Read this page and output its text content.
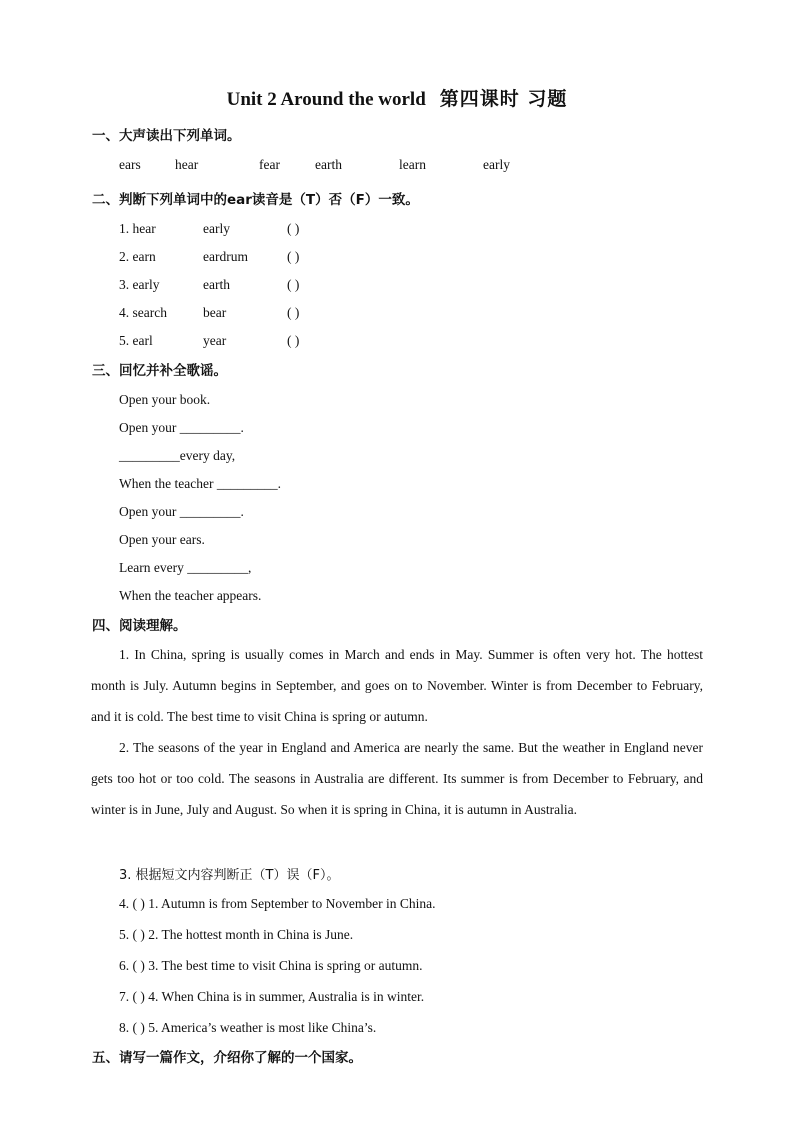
Unit 2 Around the world 第四课时 习题
一、大声读出下列单词。
ears	hear	fear	earth	learn	early
二、判断下列单词中的ear读音是（T）否（F）一致。
1. hear	early	( )
2. earn	eardrum	( )
3. early	earth	( )
4. search	bear	( )
5. earl	year	( )
三、回忆并补全歌谣。
Open your book.
Open your _________.
_________every day,
When the teacher _________.
Open your _________.
Open your ears.
Learn every _________,
When the teacher appears.
四、阅读理解。
1. In China, spring is usually comes in March and ends in May. Summer is often very hot. The hottest month is July. Autumn begins in September, and goes on to November. Winter is from December to February, and it is cold. The best time to visit China is spring or autumn.
2. The seasons of the year in England and America are nearly the same. But the weather in England never gets too hot or too cold. The seasons in Australia are different. Its summer is from December to February, and winter is in June, July and August. So when it is spring in China, it is autumn in Australia.
3. 根据短文内容判断正（T）误（F）。
4. ( ) 1. Autumn is from September to November in China.
5. ( ) 2. The hottest month in China is June.
6. ( ) 3. The best time to visit China is spring or autumn.
7. ( ) 4. When China is in summer, Australia is in winter.
8. ( ) 5. America’s weather is most like China’s.
五、请写一篇作文，介绍你了解的一个国家。
